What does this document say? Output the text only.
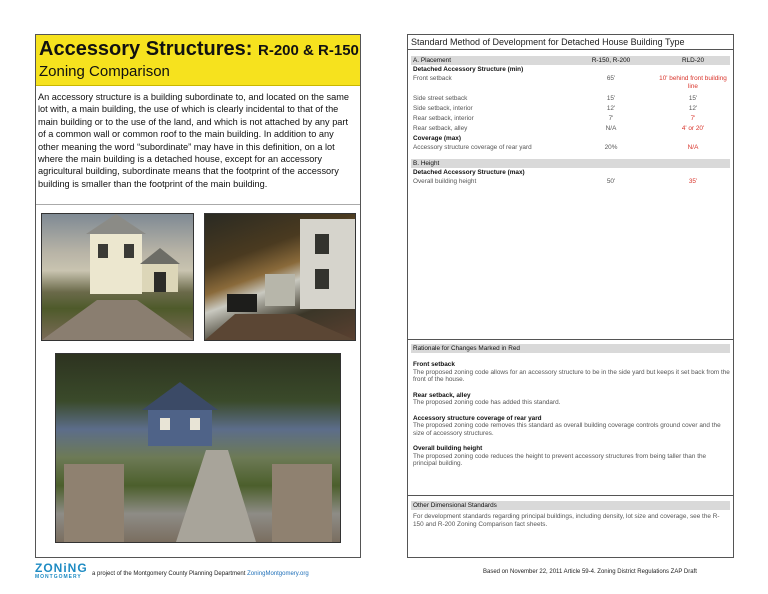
Accessory Structures: R-200 & R-150
Zoning Comparison
An accessory structure is a building subordinate to, and located on the same lot with, a main building, the use of which is clearly incidental to that of the main building or to the use of the land, and which is not attached by any part of a common wall or common roof to the main building. In addition to any other meaning the word “subordinate” may have in this definition, on a lot where the main building is a detached house, except for an accessory agricultural building, subordinate means that the footprint of the accessory building is smaller than the footprint of the main building.
Standard Method of Development for Detached House Building Type
A. Placement	R-150, R-200	RLD-20
Detached Accessory Structure (min)
Front setback	65'	10' behind front building line
Side street setback	15'	15'
Side setback, interior	12'	12'
Rear setback, interior	7'	7'
Rear setback, alley	N/A	4' or 20'
Coverage (max)
Accessory structure coverage of rear yard	20%	N/A
B. Height
Detached Accessory Structure (max)
Overall building height	50'	35'
Rationale for Changes Marked in Red
Front setback
The proposed zoning code allows for an accessory structure to be in the side yard but keeps it set back from the front of the house.
Rear setback, alley
The proposed zoning code has added this standard.
Accessory structure coverage of rear yard
The proposed zoning code removes this standard as overall building coverage controls ground cover and the size of accessory structures.
Overall building height
The proposed zoning code reduces the height to prevent accessory structures from being taller than the principal building.
Other Dimensional Standards
For development standards regarding principal buildings, including density, lot size and coverage, see the R-150 and R-200 Zoning Comparison fact sheets.
ZONiNG
MONTGOMERY	a project of the Montgomery County Planning Department ZoningMontgomery.org	Based on November 22, 2011 Article 59-4. Zoning District Regulations ZAP Draft
